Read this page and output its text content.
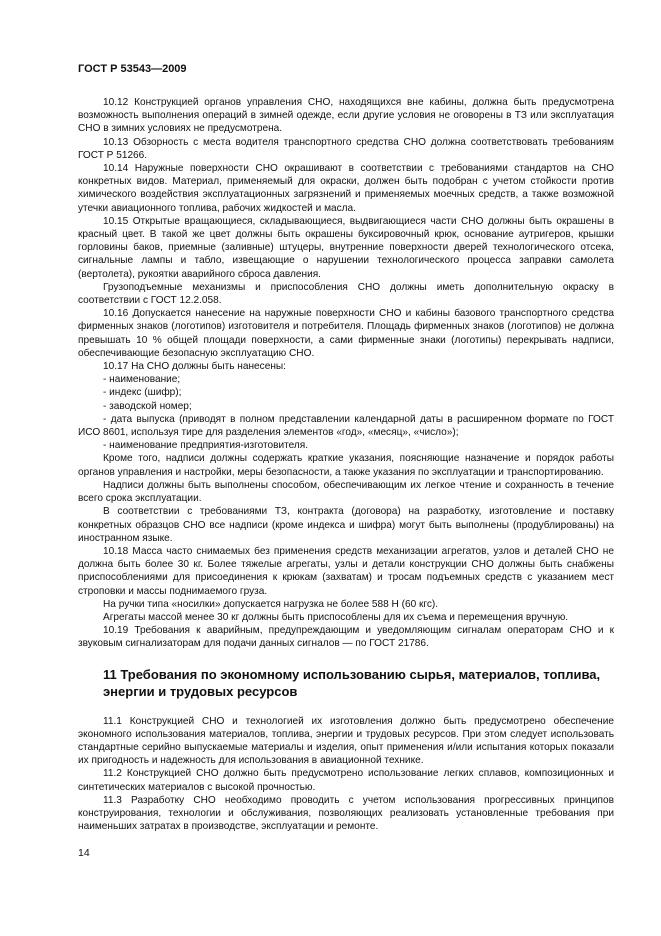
ГОСТ Р 53543—2009

10.12 Конструкцией органов управления СНО, находящихся вне кабины, должна быть предусмотрена возможность выполнения операций в зимней одежде, если другие условия не оговорены в ТЗ или эксплуатация СНО в зимних условиях не предусмотрена.

10.13 Обзорность с места водителя транспортного средства СНО должна соответствовать требованиям ГОСТ Р 51266.

10.14 Наружные поверхности СНО окрашивают в соответствии с требованиями стандартов на СНО конкретных видов. Материал, применяемый для окраски, должен быть подобран с учетом стойкости против химического воздействия эксплуатационных загрязнений и применяемых моечных средств, а также возможной утечки авиационного топлива, рабочих жидкостей и масла.

10.15 Открытые вращающиеся, складывающиеся, выдвигающиеся части СНО должны быть окрашены в красный цвет. В такой же цвет должны быть окрашены буксировочный крюк, основание аутригеров, крышки горловины баков, приемные (заливные) штуцеры, внутренние поверхности дверей технологического отсека, сигнальные лампы и табло, извещающие о нарушении технологического процесса заправки самолета (вертолета), рукоятки аварийного сброса давления.

Грузоподъемные механизмы и приспособления СНО должны иметь дополнительную окраску в соответствии с ГОСТ 12.2.058.

10.16 Допускается нанесение на наружные поверхности СНО и кабины базового транспортного средства фирменных знаков (логотипов) изготовителя и потребителя. Площадь фирменных знаков (логотипов) не должна превышать 10 % общей площади поверхности, а сами фирменные знаки (логотипы) перекрывать надписи, обеспечивающие безопасную эксплуатацию СНО.

10.17 На СНО должны быть нанесены:

- наименование;

- индекс (шифр);

- заводской номер;

- дата выпуска (приводят в полном представлении календарной даты в расширенном формате по ГОСТ ИСО 8601, используя тире для разделения элементов «год», «месяц», «число»);

- наименование предприятия-изготовителя.

Кроме того, надписи должны содержать краткие указания, поясняющие назначение и порядок работы органов управления и настройки, меры безопасности, а также указания по эксплуатации и транспортированию.

Надписи должны быть выполнены способом, обеспечивающим их легкое чтение и сохранность в течение всего срока эксплуатации.

В соответствии с требованиями ТЗ, контракта (договора) на разработку, изготовление и поставку конкретных образцов СНО все надписи (кроме индекса и шифра) могут быть выполнены (продублированы) на иностранном языке.

10.18 Масса часто снимаемых без применения средств механизации агрегатов, узлов и деталей СНО не должна быть более 30 кг. Более тяжелые агрегаты, узлы и детали конструкции СНО должны быть снабжены приспособлениями для присоединения к крюкам (захватам) и тросам подъемных средств с указанием мест строповки и массы поднимаемого груза.

На ручки типа «носилки» допускается нагрузка не более 588 Н (60 кгс).

Агрегаты массой менее 30 кг должны быть приспособлены для их съема и перемещения вручную.

10.19 Требования к аварийным, предупреждающим и уведомляющим сигналам операторам СНО и к звуковым сигнализаторам для подачи данных сигналов — по ГОСТ 21786.

11 Требования по экономному использованию сырья, материалов, топлива, энергии и трудовых ресурсов

11.1 Конструкцией СНО и технологией их изготовления должно быть предусмотрено обеспечение экономного использования материалов, топлива, энергии и трудовых ресурсов. При этом следует использовать стандартные серийно выпускаемые материалы и изделия, опыт применения и/или испытания которых показали их пригодность и надежность для использования в авиационной технике.

11.2 Конструкцией СНО должно быть предусмотрено использование легких сплавов, композиционных и синтетических материалов с высокой прочностью.

11.3 Разработку СНО необходимо проводить с учетом использования прогрессивных принципов конструирования, технологии и обслуживания, позволяющих реализовать установленные требования при наименьших затратах в производстве, эксплуатации и ремонте.

14
